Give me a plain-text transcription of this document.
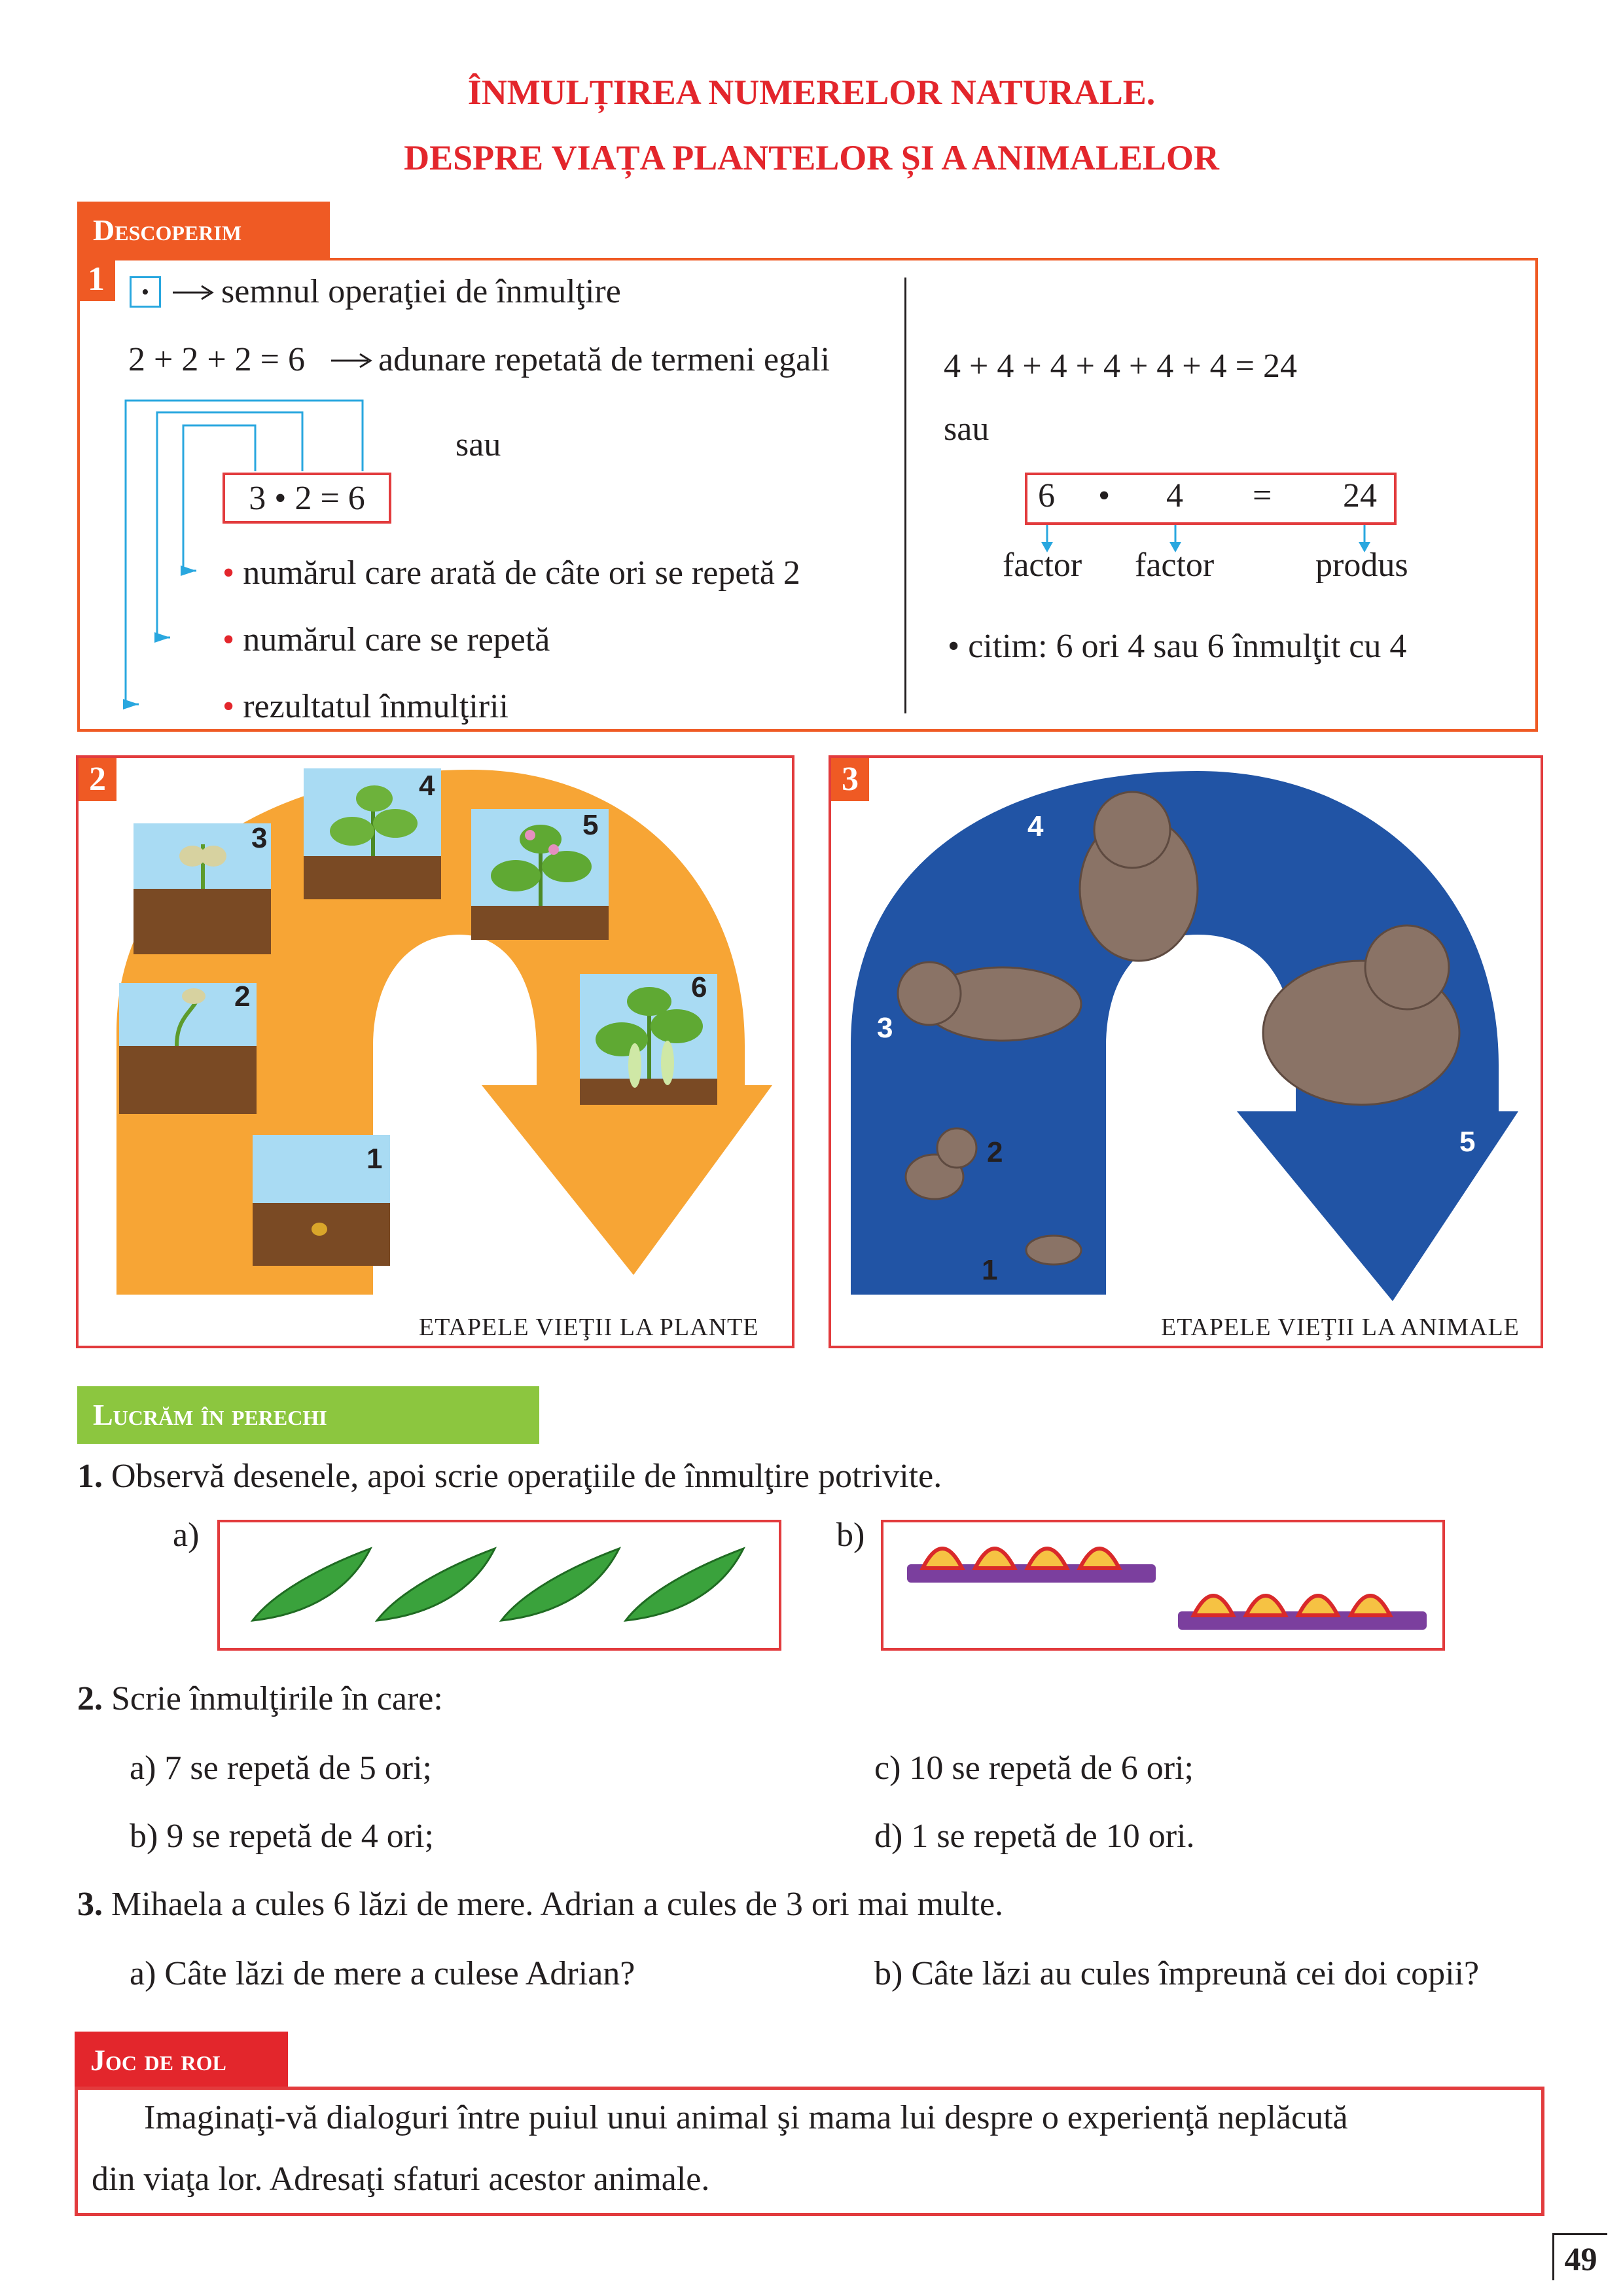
ÎNMULȚIREA NUMERELOR NATURALE.
DESPRE VIAȚA PLANTELOR ȘI A ANIMALELOR
Descoperim
1	•	semnul operaţiei de înmulţire
2 + 2 + 2 = 6 adunare repetată de termeni egali
sau
3 • 2 = 6
• numărul care arată de câte ori se repetă 2
• numărul care se repetă
• rezultatul înmulţirii
4 + 4 + 4 + 4 + 4 + 4 = 24
sau
6 • 4 = 24
factor factor	produs
• citim: 6 ori 4 sau 6 înmulţit cu 4
2
1
2
3
4
5
6
ETAPELE VIEŢII LA PLANTE
3
1
2
3
4
5
ETAPELE VIEŢII LA ANIMALE
Lucrăm în perechi
1. Observă desenele, apoi scrie operaţiile de înmulţire potrivite.
a)	b)
2. Scrie înmulţirile în care:
a) 7 se repetă de 5 ori;	c) 10 se repetă de 6 ori;
b) 9 se repetă de 4 ori;	d) 1 se repetă de 10 ori.
3. Mihaela a cules 6 lăzi de mere. Adrian a cules de 3 ori mai multe.
a) Câte lăzi de mere a culese Adrian?	b) Câte lăzi au cules împreună cei doi copii?
Joc de rol
Imaginaţi-vă dialoguri între puiul unui animal şi mama lui despre o experienţă neplăcută
din viaţa lor. Adresaţi sfaturi acestor animale.
49
